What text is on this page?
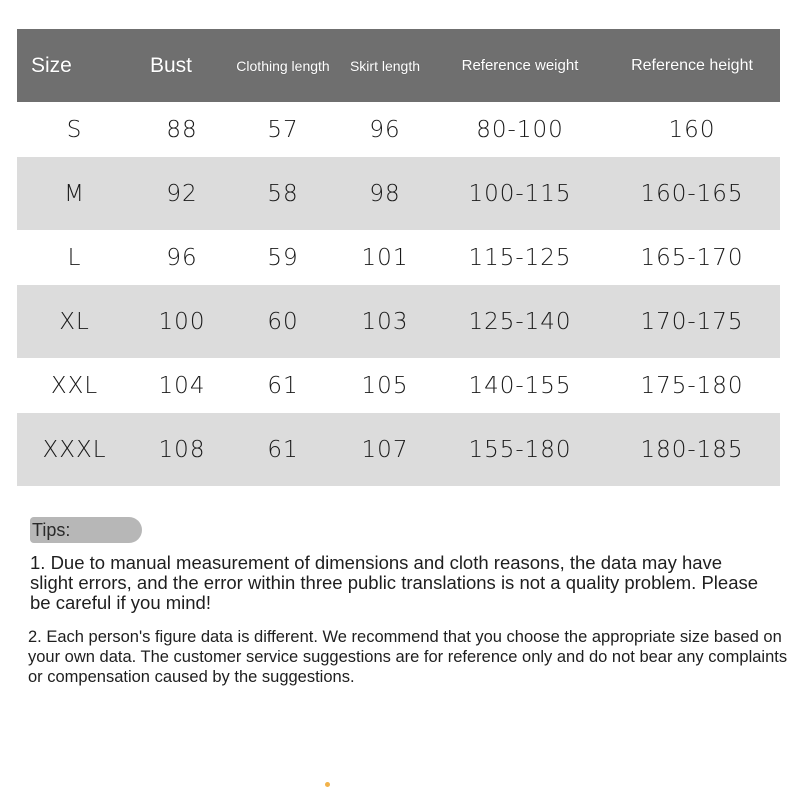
Size	Bust	Clothing length	Skirt length	Reference weight	Reference height
S	88	57	96	80-100	160
M	92	58	98	100-115	160-165
L	96	59	101	115-125	165-170
XL	100	60	103	125-140	170-175
XXL	104	61	105	140-155	175-180
XXXL	108	61	107	155-180	180-185
Tips:
1. Due to manual measurement of dimensions and cloth reasons, the data may have slight errors, and the error within three public translations is not a quality problem. Please be careful if you mind!
2. Each person's figure data is different. We recommend that you choose the appropriate size based on your own data. The customer service suggestions are for reference only and do not bear any complaints or compensation caused by the suggestions.
